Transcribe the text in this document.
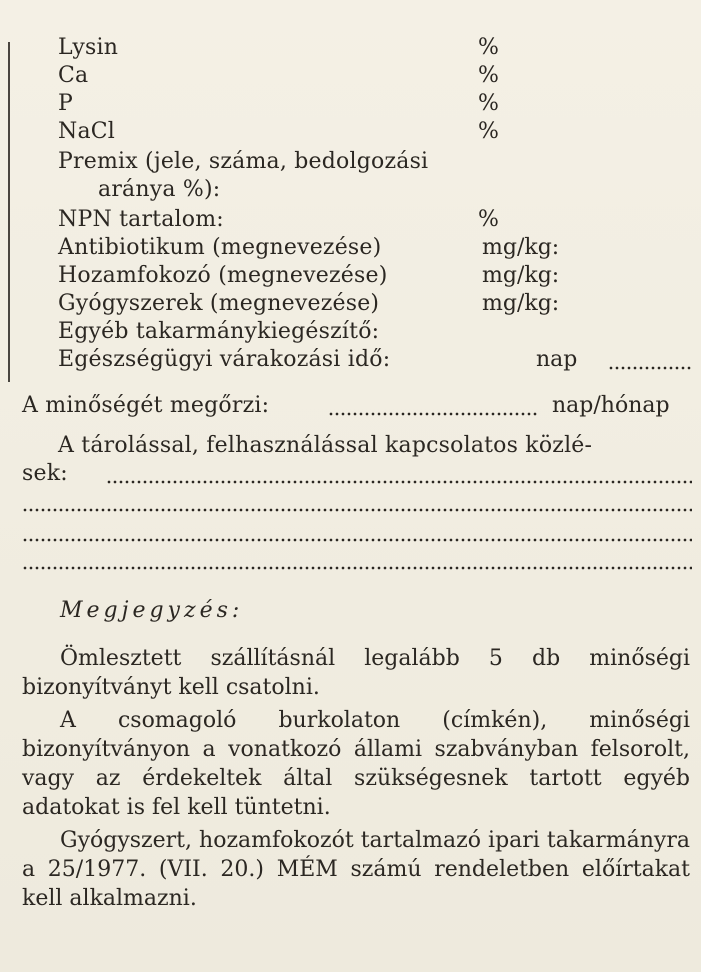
Lysin	%
Ca	%
P	%
NaCl	%
Premix (jele, száma, bedolgozási
aránya %):
NPN tartalom:	%
Antibiotikum (megnevezése)	mg/kg:
Hozamfokozó (megnevezése)	mg/kg:
Gyógyszerek (megnevezése)	mg/kg:
Egyéb takarmánykiegészítő:
Egészségügyi várakozási idő:	nap
A minőségét megőrzi:	nap/hónap
A tárolással, felhasználással kapcsolatos közlé-
sek:
Megjegyzés:
Ömlesztett szállításnál legalább 5 db minőségi bizonyítványt kell csatolni.
A csomagoló burkolaton (címkén), minőségi bizonyítványon a vonatkozó állami szabványban felsorolt, vagy az érdekeltek által szükségesnek tartott egyéb adatokat is fel kell tüntetni.
Gyógyszert, hozamfokozót tartalmazó ipari takarmányra a 25/1977. (VII. 20.) MÉM számú rendeletben előírtakat kell alkalmazni.
